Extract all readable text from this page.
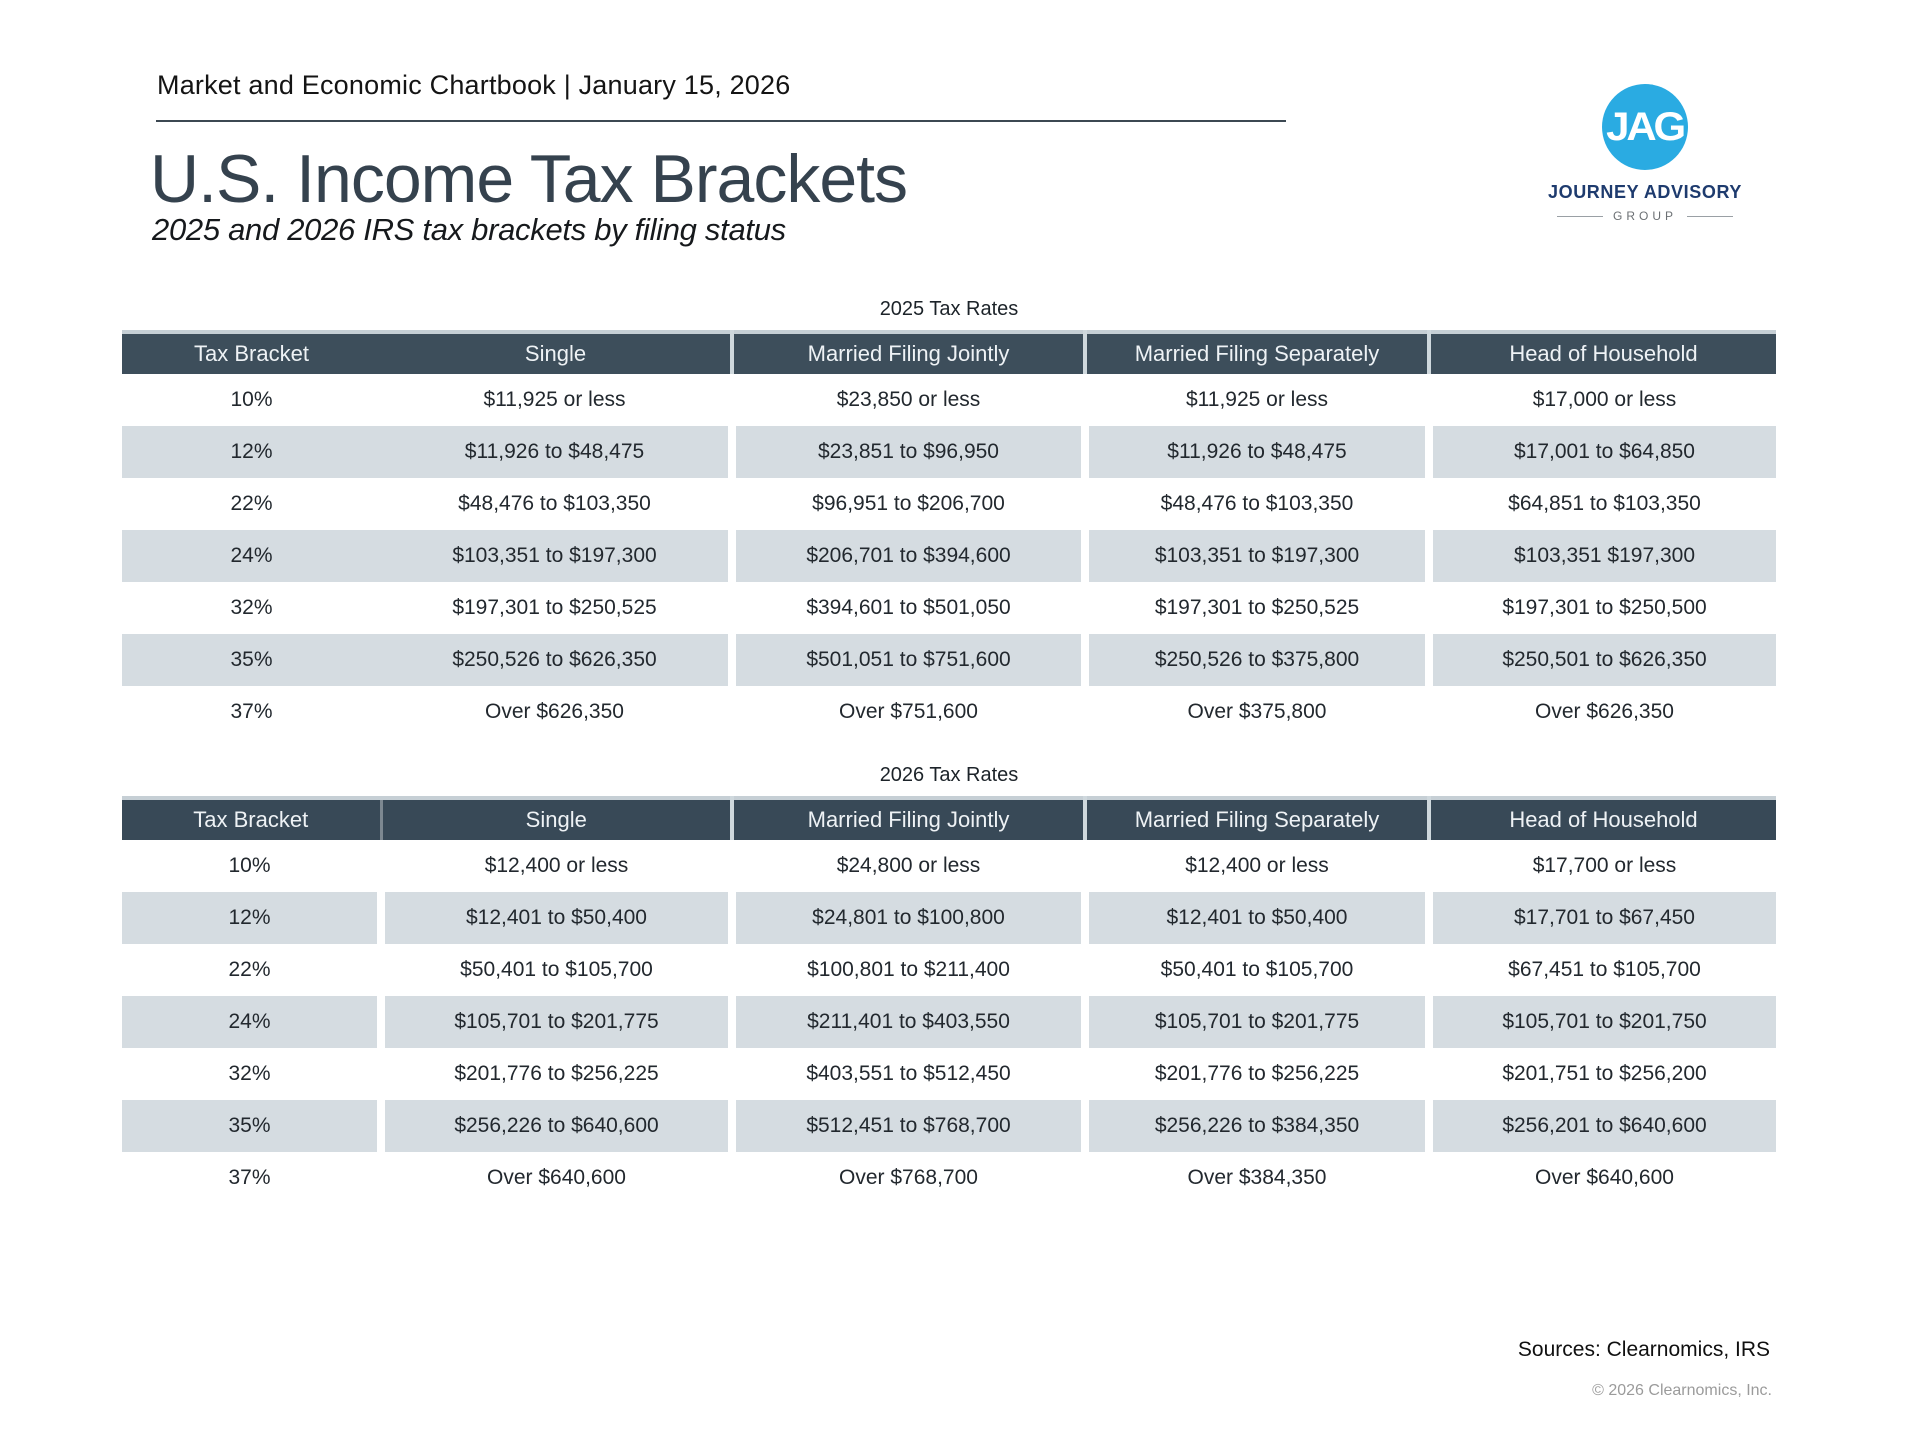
Market and Economic Chartbook | January 15, 2026
U.S. Income Tax Brackets
2025 and 2026 IRS tax brackets by filing status
JAG
JOURNEY ADVISORY
GROUP
2025 Tax Rates
Tax Bracket	Single	Married Filing Jointly	Married Filing Separately	Head of Household
10%	$11,925 or less	$23,850 or less	$11,925 or less	$17,000 or less
12%	$11,926 to $48,475	$23,851 to $96,950	$11,926 to $48,475	$17,001 to $64,850
22%	$48,476 to $103,350	$96,951 to $206,700	$48,476 to $103,350	$64,851 to $103,350
24%	$103,351 to $197,300	$206,701 to $394,600	$103,351 to $197,300	$103,351 $197,300
32%	$197,301 to $250,525	$394,601 to $501,050	$197,301 to $250,525	$197,301 to $250,500
35%	$250,526 to $626,350	$501,051 to $751,600	$250,526 to $375,800	$250,501 to $626,350
37%	Over $626,350	Over $751,600	Over $375,800	Over $626,350
2026 Tax Rates
Tax Bracket	Single	Married Filing Jointly	Married Filing Separately	Head of Household
10%	$12,400 or less	$24,800 or less	$12,400 or less	$17,700 or less
12%	$12,401 to $50,400	$24,801 to $100,800	$12,401 to $50,400	$17,701 to $67,450
22%	$50,401 to $105,700	$100,801 to $211,400	$50,401 to $105,700	$67,451 to $105,700
24%	$105,701 to $201,775	$211,401 to $403,550	$105,701 to $201,775	$105,701 to $201,750
32%	$201,776 to $256,225	$403,551 to $512,450	$201,776 to $256,225	$201,751 to $256,200
35%	$256,226 to $640,600	$512,451 to $768,700	$256,226 to $384,350	$256,201 to $640,600
37%	Over $640,600	Over $768,700	Over $384,350	Over $640,600
Sources: Clearnomics, IRS
© 2026 Clearnomics, Inc.
